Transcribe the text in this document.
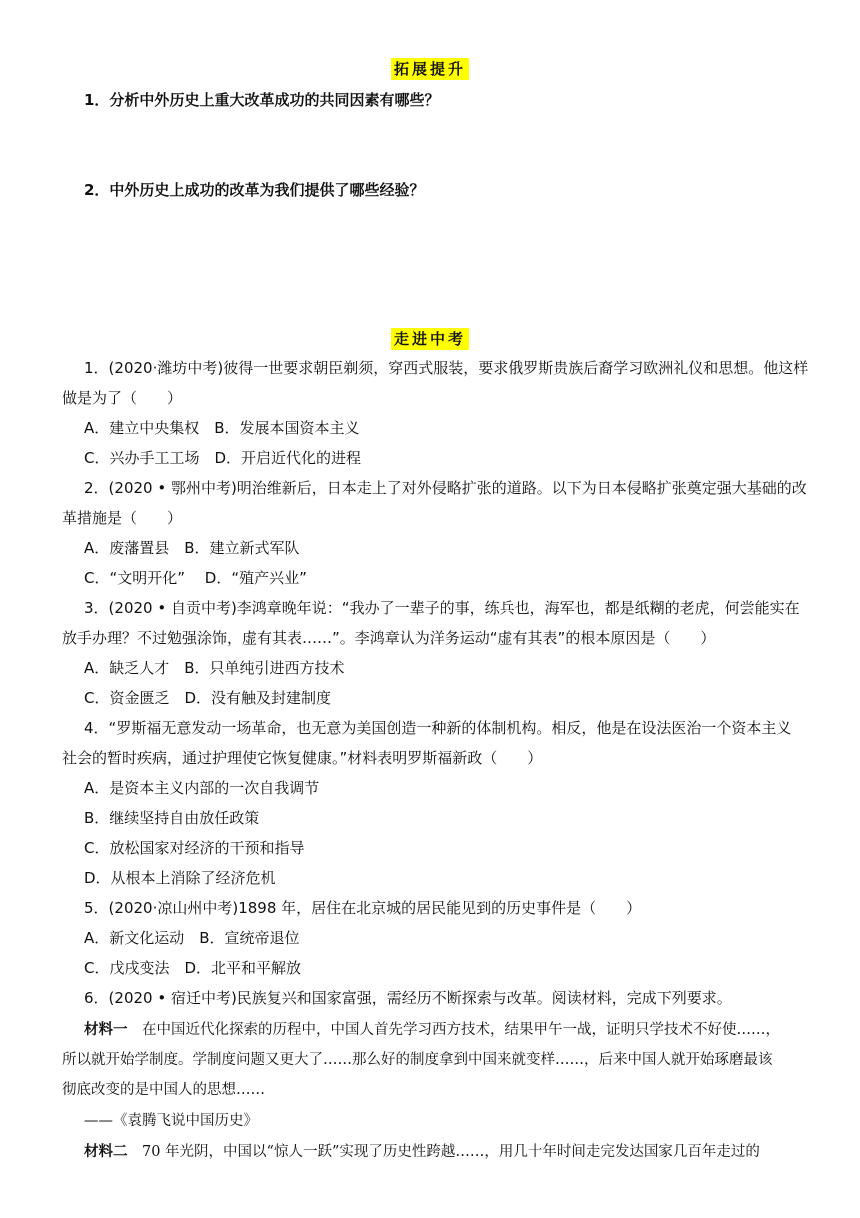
拓展提升
1．分析中外历史上重大改革成功的共同因素有哪些？
2．中外历史上成功的改革为我们提供了哪些经验？
走进中考
1．(2020·潍坊中考)彼得一世要求朝臣剃须，穿西式服装，要求俄罗斯贵族后裔学习欧洲礼仪和思想。他这样
做是为了（　　）
A．建立中央集权　B．发展本国资本主义
C．兴办手工工场　D．开启近代化的进程
2．(2020 • 鄂州中考)明治维新后，日本走上了对外侵略扩张的道路。以下为日本侵略扩张奠定强大基础的改
革措施是（　　）
A．废藩置县　B．建立新式军队
C．“文明开化”　 D．“殖产兴业”
3．(2020 • 自贡中考)李鸿章晚年说：“我办了一辈子的事，练兵也，海军也，都是纸糊的老虎，何尝能实在
放手办理？不过勉强涂饰，虚有其表……”。李鸿章认为洋务运动“虚有其表”的根本原因是（　　）
A．缺乏人才　B．只单纯引进西方技术
C．资金匮乏　D．没有触及封建制度
4．“罗斯福无意发动一场革命，也无意为美国创造一种新的体制机构。相反，他是在设法医治一个资本主义
社会的暂时疾病，通过护理使它恢复健康。”材料表明罗斯福新政（　　）
A．是资本主义内部的一次自我调节
B．继续坚持自由放任政策
C．放松国家对经济的干预和指导
D．从根本上消除了经济危机
5．(2020·凉山州中考)1898 年，居住在北京城的居民能见到的历史事件是（　　）
A．新文化运动　B．宣统帝退位
C．戊戌变法　D．北平和平解放
6．(2020 • 宿迁中考)民族复兴和国家富强，需经历不断探索与改革。阅读材料，完成下列要求。
材料一　在中国近代化探索的历程中，中国人首先学习西方技术，结果甲午一战，证明只学技术不好使……，
所以就开始学制度。学制度问题又更大了……那么好的制度拿到中国来就变样……，后来中国人就开始琢磨最该
彻底改变的是中国人的思想……
——《袁腾飞说中国历史》
材料二　70 年光阴，中国以“惊人一跃”实现了历史性跨越……，用几十年时间走完发达国家几百年走过的
